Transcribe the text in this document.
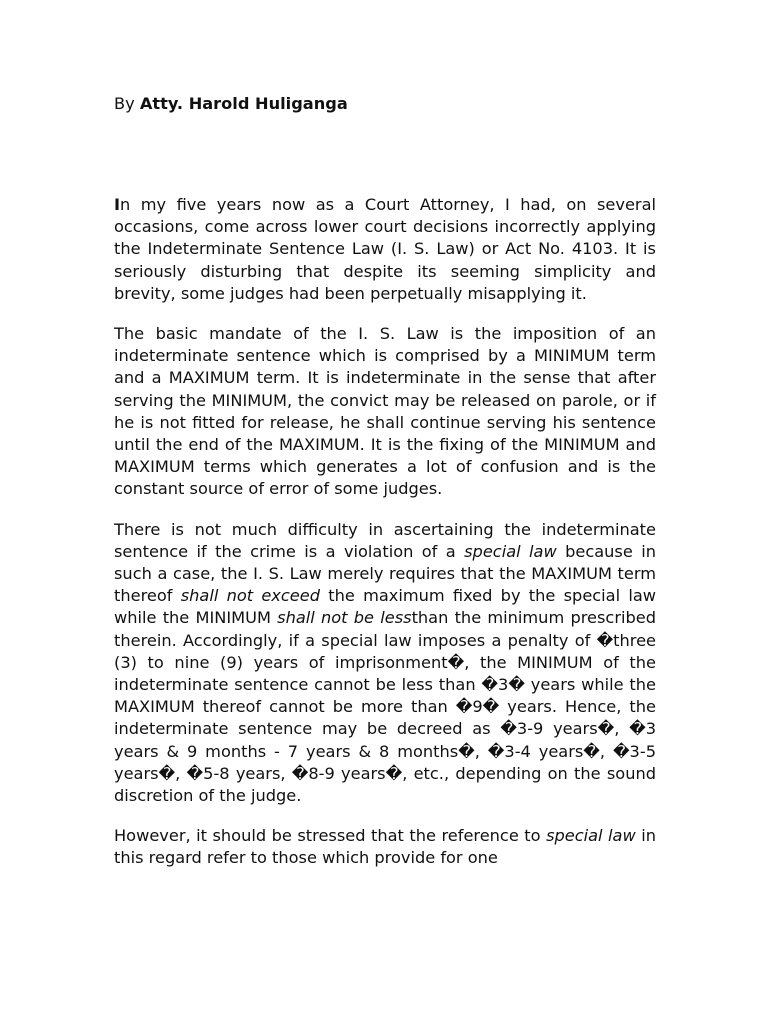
By Atty. Harold Huliganga

In my five years now as a Court Attorney, I had, on several occasions, come across lower court decisions incorrectly applying the Indeterminate Sentence Law (I. S. Law) or Act No. 4103. It is seriously disturbing that despite its seeming simplicity and brevity, some judges had been perpetually misapplying it.

The basic mandate of the I. S. Law is the imposition of an indeterminate sentence which is comprised by a MINIMUM term and a MAXIMUM term. It is indeterminate in the sense that after serving the MINIMUM, the convict may be released on parole, or if he is not fitted for release, he shall continue serving his sentence until the end of the MAXIMUM. It is the fixing of the MINIMUM and MAXIMUM terms which generates a lot of confusion and is the constant source of error of some judges.

There is not much difficulty in ascertaining the indeterminate sentence if the crime is a violation of a special law because in such a case, the I. S. Law merely requires that the MAXIMUM term thereof shall not exceed the maximum fixed by the special law while the MINIMUM shall not be lessthan the minimum prescribed therein. Accordingly, if a special law imposes a penalty of �three (3) to nine (9) years of imprisonment�, the MINIMUM of the indeterminate sentence cannot be less than �3� years while the MAXIMUM thereof cannot be more than �9� years. Hence, the indeterminate sentence may be decreed as �3-9 years�, �3 years & 9 months - 7 years & 8 months�, �3-4 years�, �3-5 years�, �5-8 years, �8-9 years�, etc., depending on the sound discretion of the judge.

However, it should be stressed that the reference to special law in this regard refer to those which provide for one
